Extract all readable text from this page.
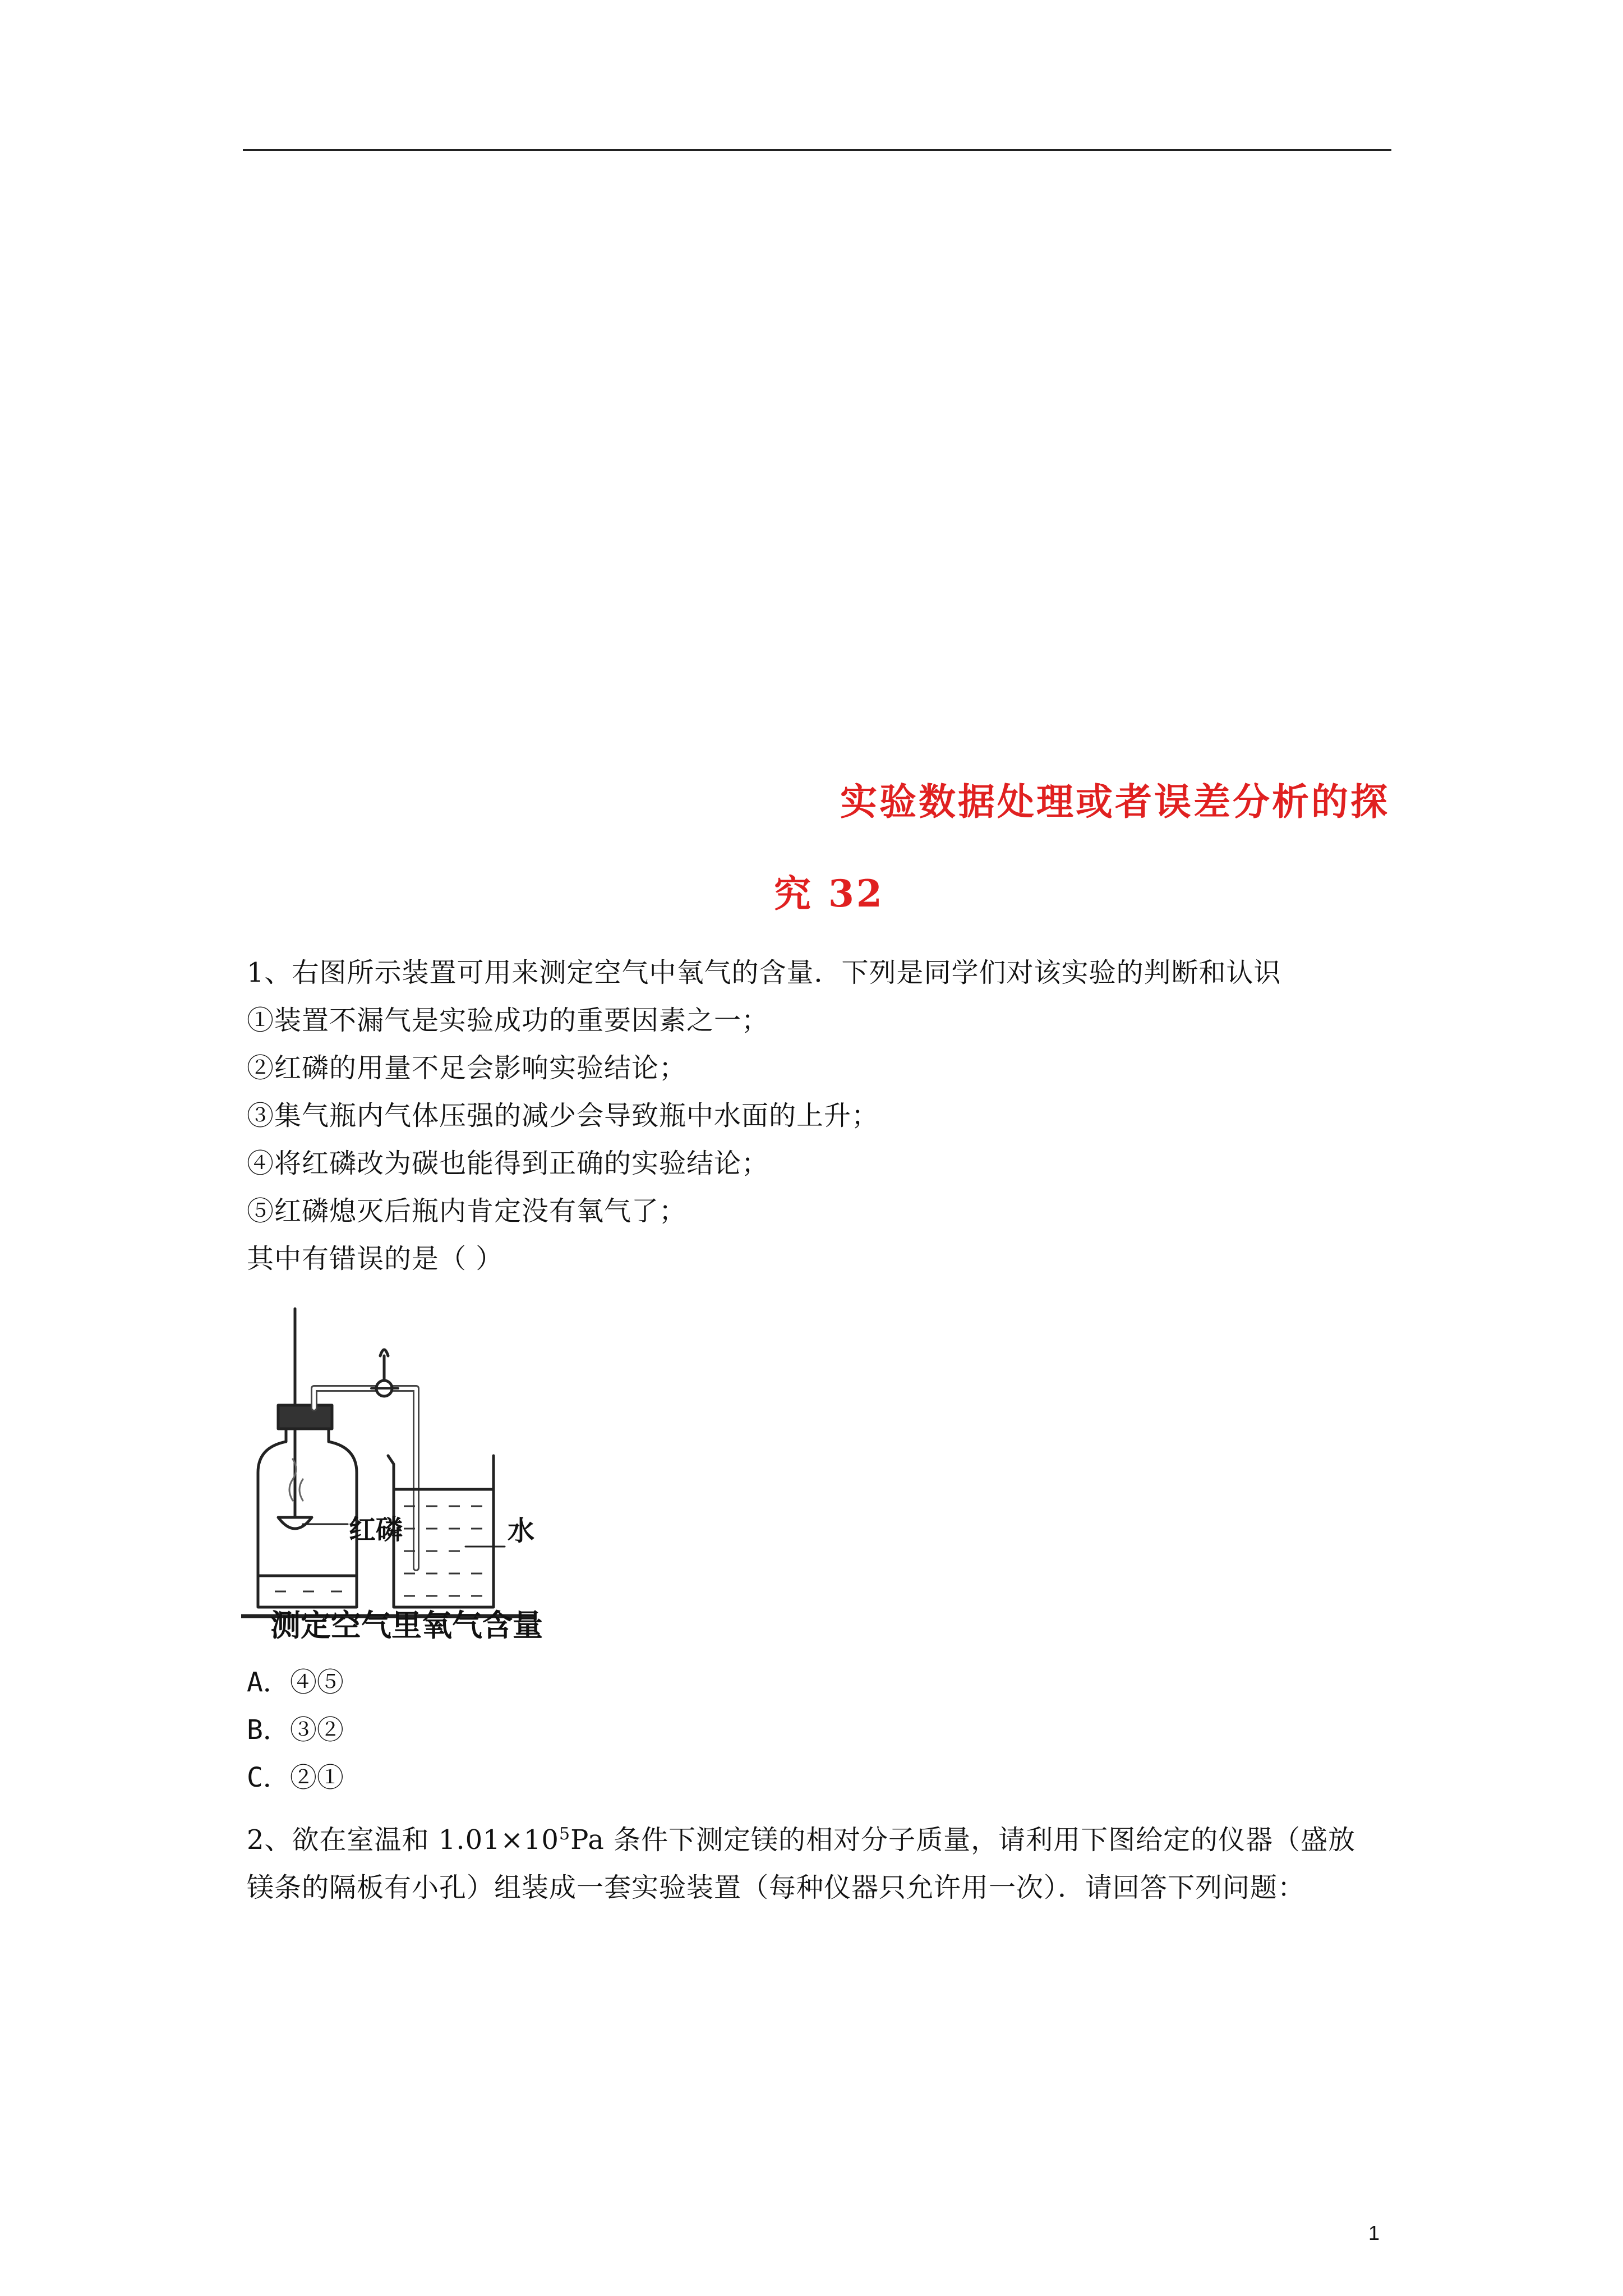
实验数据处理或者误差分析的探
究 32
1、右图所示装置可用来测定空气中氧气的含量．下列是同学们对该实验的判断和认识
①装置不漏气是实验成功的重要因素之一；
②红磷的用量不足会影响实验结论；
③集气瓶内气体压强的减少会导致瓶中水面的上升；
④将红磷改为碳也能得到正确的实验结论；
⑤红磷熄灭后瓶内肯定没有氧气了；
其中有错误的是（ ）
红磷	水
测定空气里氧气含量
A．④⑤
B．③②
C．②①
2、欲在室温和 $1.01\times 10^5Pa$ 条件下测定镁的相对分子质量，请利用下图给定的仪器（盛放
镁条的隔板有小孔）组装成一套实验装置（每种仪器只允许用一次）．请回答下列问题：
1
